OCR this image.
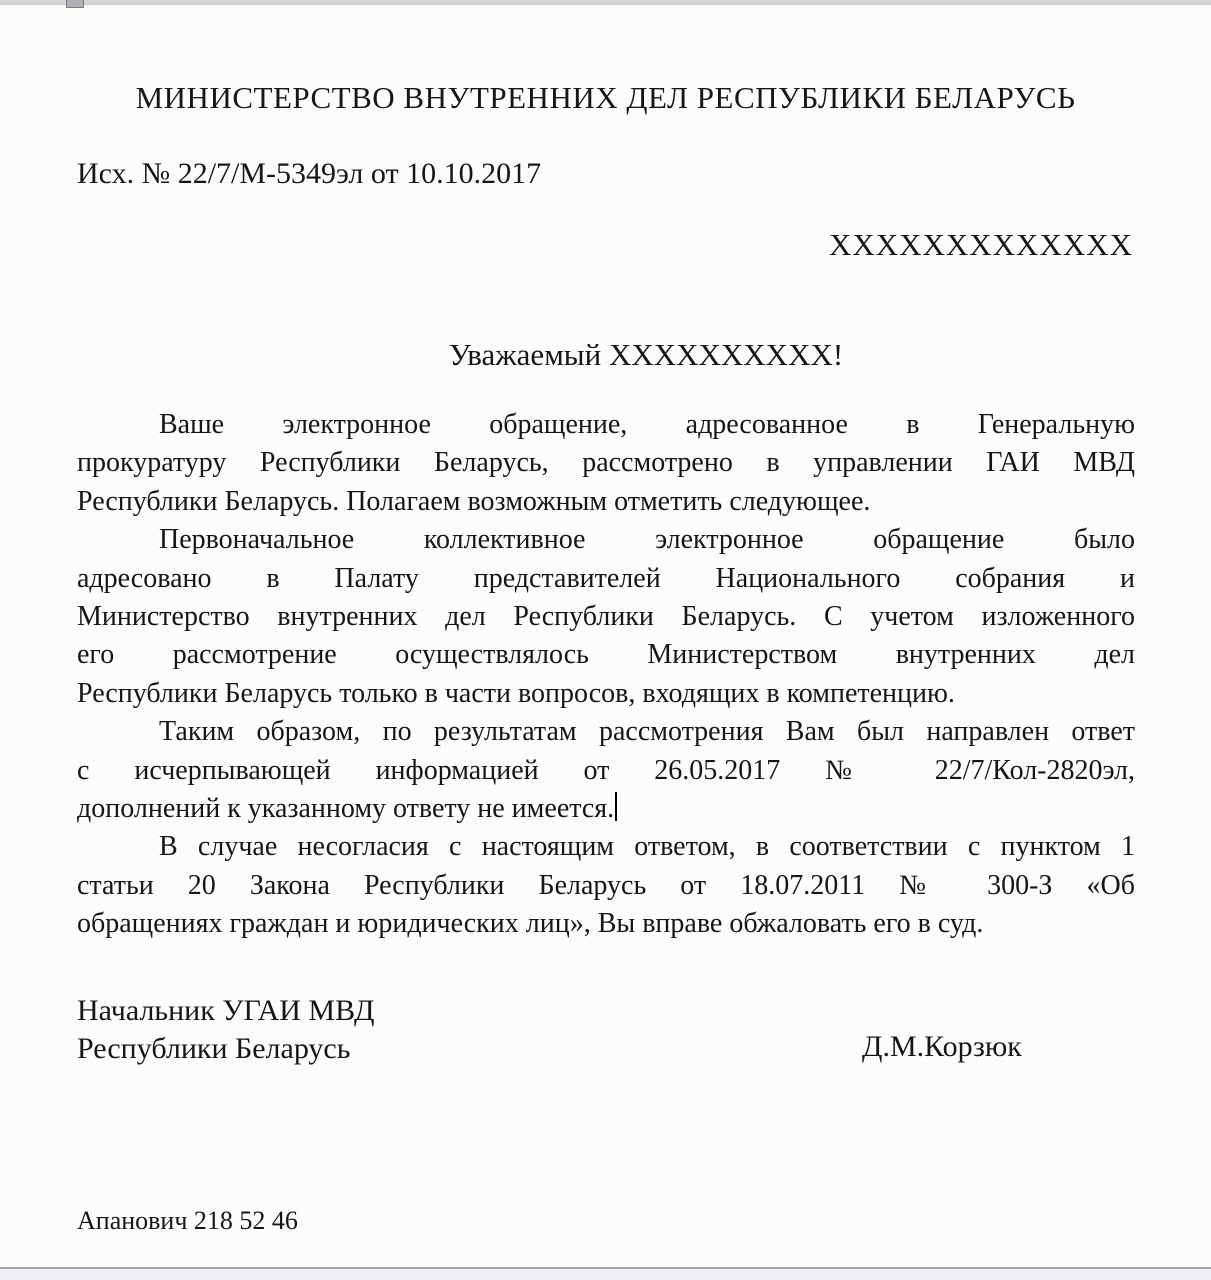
МИНИСТЕРСТВО ВНУТРЕННИХ ДЕЛ РЕСПУБЛИКИ БЕЛАРУСЬ
Исх. № 22/7/М-5349эл от 10.10.2017
ХХХХХХХХХХХХХ
Уважаемый ХХХХХХХХХХ!
Ваше электронное обращение, адресованное в Генеральную
прокуратуру Республики Беларусь, рассмотрено в управлении ГАИ МВД
Республики Беларусь. Полагаем возможным отметить следующее.
Первоначальное коллективное электронное обращение было
адресовано в Палату представителей Национального собрания и
Министерство внутренних дел Республики Беларусь. С учетом изложенного
его рассмотрение осуществлялось Министерством внутренних дел
Республики Беларусь только в части вопросов, входящих в компетенцию.
Таким образом, по результатам рассмотрения Вам был направлен ответ
с исчерпывающей информацией от 26.05.2017 № 22/7/Кол-2820эл,
дополнений к указанному ответу не имеется.
В случае несогласия с настоящим ответом, в соответствии с пунктом 1
статьи 20 Закона Республики Беларусь от 18.07.2011 № 300-З «Об
обращениях граждан и юридических лиц», Вы вправе обжаловать его в суд.
Начальник УГАИ МВД
Республики Беларусь	Д.М.Корзюк
Апанович 218 52 46
